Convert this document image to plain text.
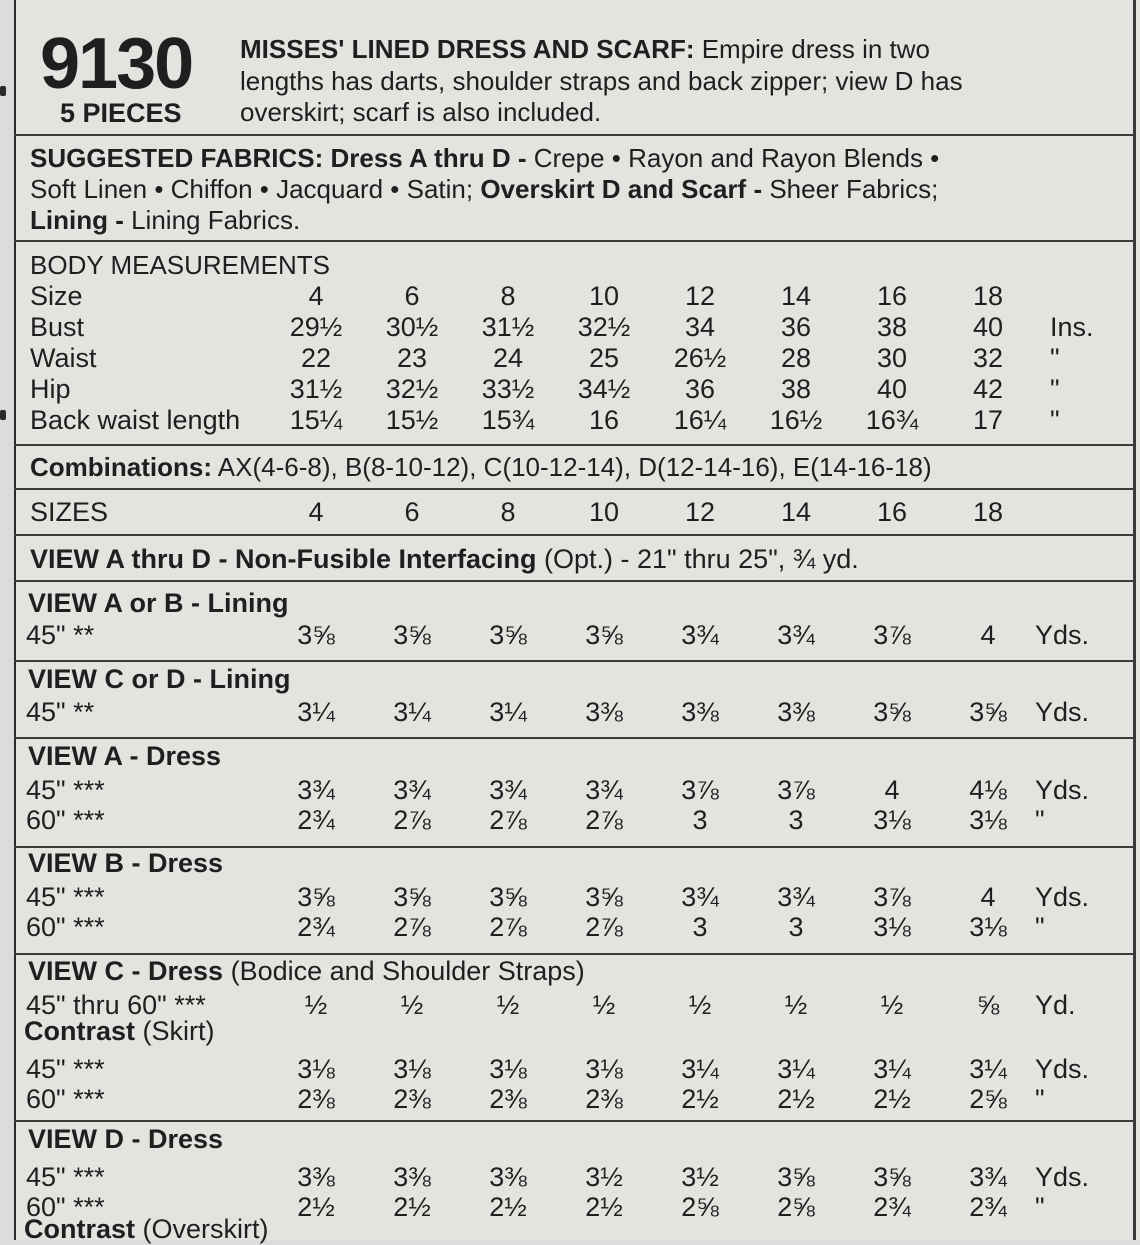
9130
5 PIECES
MISSES' LINED DRESS AND SCARF: Empire dress in two
lengths has darts, shoulder straps and back zipper; view D has
overskirt; scarf is also included.
SUGGESTED FABRICS: Dress A thru D - Crepe • Rayon and Rayon Blends •
Soft Linen • Chiffon • Jacquard • Satin; Overskirt D and Scarf - Sheer Fabrics;
Lining - Lining Fabrics.
BODY MEASUREMENTS
Size	4	6	8	10	12	14	16	18
Bust	29½ 30½ 31½ 32½	34	36	38	40	Ins.
Waist	22	23	24	25	26½	28	30	32	"
Hip	31½ 32½ 33½ 34½	36	38	40	42	"
Back waist length 15¼ 15½ 15¾	16	16¼ 16½ 16¾	17	"
Combinations: AX(4-6-8), B(8-10-12), C(10-12-14), D(12-14-16), E(14-16-18)
SIZES	4	6	8	10	12	14	16	18
VIEW A thru D - Non-Fusible Interfacing (Opt.) - 21" thru 25", ¾ yd.
VIEW A or B - Lining
45" **	3⅝	3⅝	3⅝	3⅝	3¾	3¾	3⅞	4	Yds.
VIEW C or D - Lining
45" **	3¼	3¼	3¼	3⅜	3⅜	3⅜	3⅝	3⅝	Yds.
VIEW A - Dress
45" ***	3¾	3¾	3¾	3¾	3⅞	3⅞	4	4⅛	Yds.
60" ***	2¾	2⅞	2⅞	2⅞	3	3	3⅛	3⅛	"
VIEW B - Dress
45" ***	3⅝	3⅝	3⅝	3⅝	3¾	3¾	3⅞	4	Yds.
60" ***	2¾	2⅞	2⅞	2⅞	3	3	3⅛	3⅛	"
VIEW C - Dress (Bodice and Shoulder Straps)
45" thru 60" ***	½	½	½	½	½	½	½	⅝	Yd.
Contrast (Skirt)
45" ***	3⅛	3⅛	3⅛	3⅛	3¼	3¼	3¼	3¼	Yds.
60" ***	2⅜	2⅜	2⅜	2⅜	2½	2½	2½	2⅝	"
VIEW D - Dress
45" ***	3⅜	3⅜	3⅜	3½	3½	3⅝	3⅝	3¾	Yds.
60" ***	2½	2½	2½	2½	2⅝	2⅝	2¾	2¾	"
Contrast (Overskirt)
